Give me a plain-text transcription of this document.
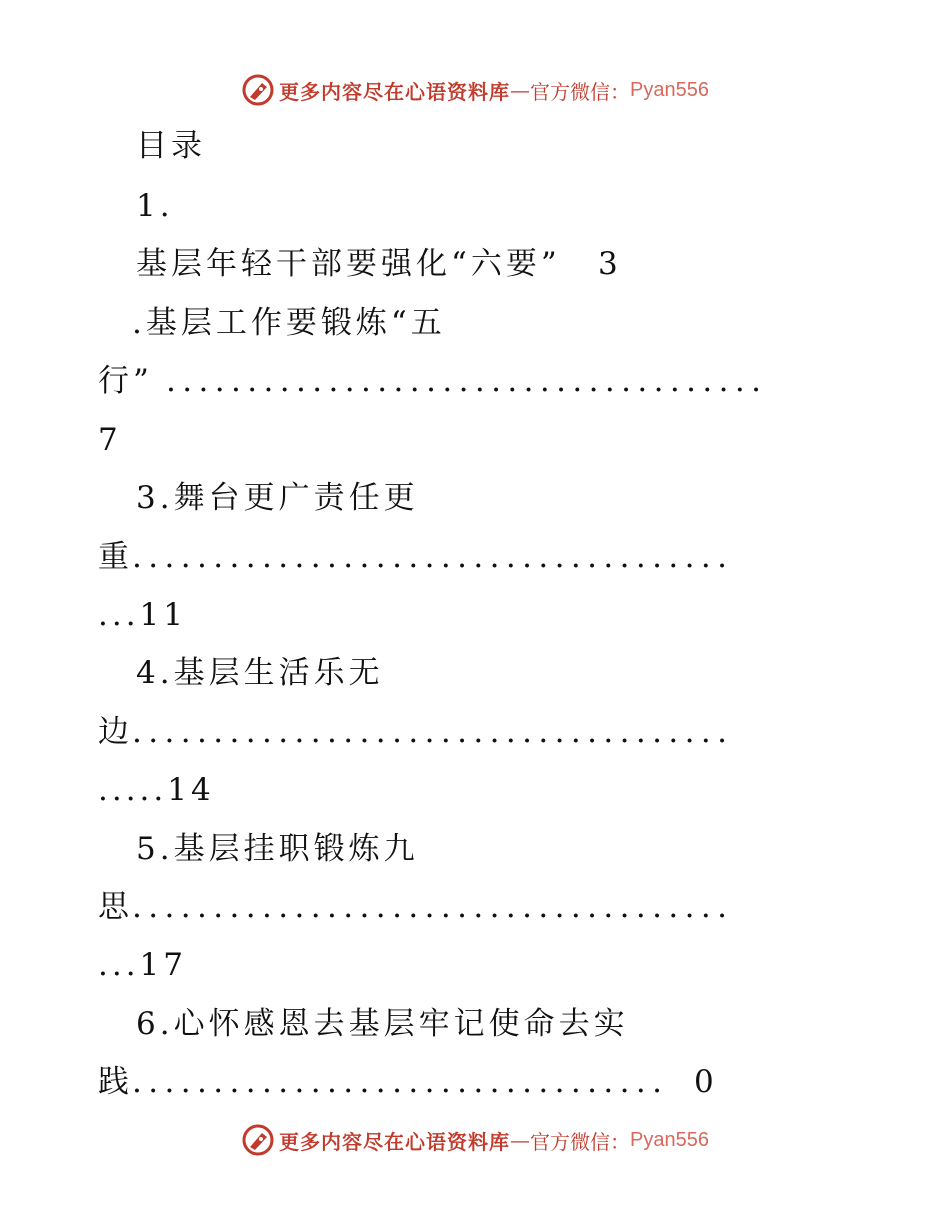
更多内容尽在心语资料库 — 官方微信： Pyan556
目录
1.
基层年轻干部要强化“六要” 3
.基层工作要锻炼“五
行” .....................................
7
3.舞台更广责任更
重 .....................................
...11
4.基层生活乐无
边 .....................................
.....14
5.基层挂职锻炼九
思 .....................................
...17
6.心怀感恩去基层牢记使命去实
践 ................................. 0
更多内容尽在心语资料库 — 官方微信： Pyan556
